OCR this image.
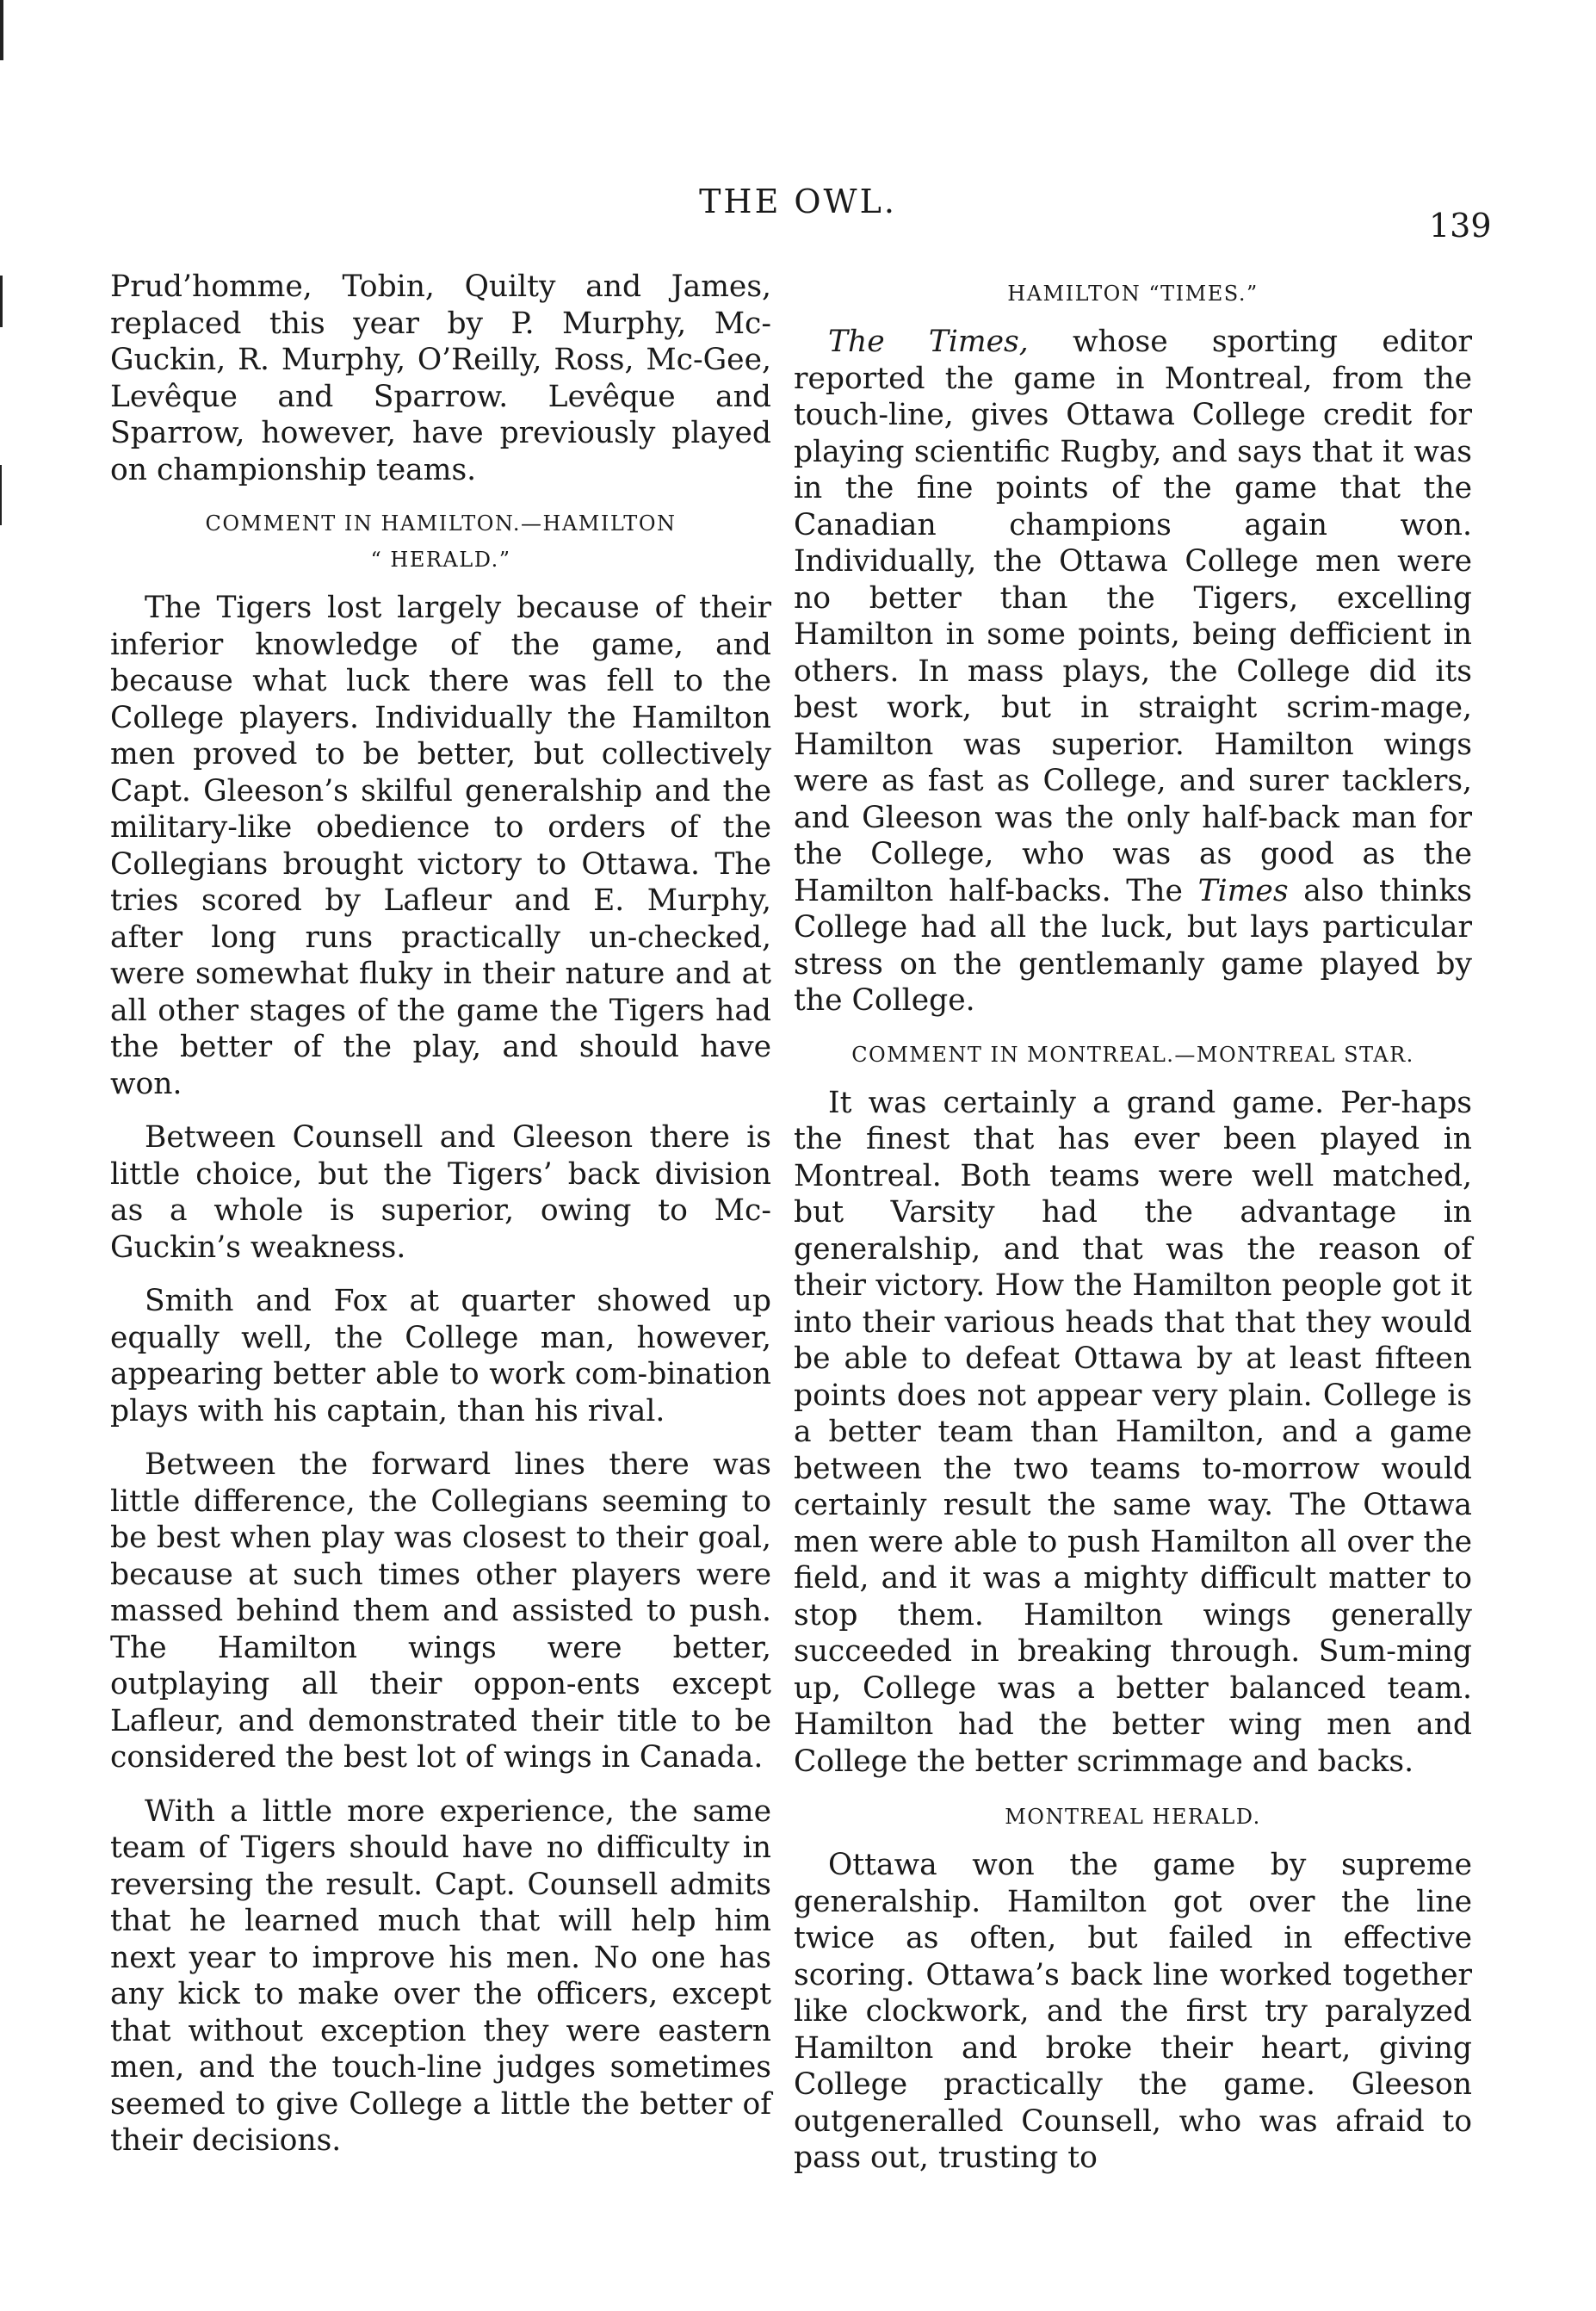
THE OWL.
139

Prud’homme, Tobin, Quilty and James, replaced this year by P. Murphy, Mc-Guckin, R. Murphy, O’Reilly, Ross, Mc-Gee, Levêque and Sparrow. Levêque and Sparrow, however, have previously played on championship teams.

COMMENT IN HAMILTON.—HAMILTON
“ HERALD.”

The Tigers lost largely because of their inferior knowledge of the game, and because what luck there was fell to the College players. Individually the Hamilton men proved to be better, but collectively Capt. Gleeson’s skilful generalship and the military-like obedience to orders of the Collegians brought victory to Ottawa. The tries scored by Lafleur and E. Murphy, after long runs practically un-checked, were somewhat fluky in their nature and at all other stages of the game the Tigers had the better of the play, and should have won.

Between Counsell and Gleeson there is little choice, but the Tigers’ back division as a whole is superior, owing to Mc-Guckin’s weakness.

Smith and Fox at quarter showed up equally well, the College man, however, appearing better able to work com-bination plays with his captain, than his rival.

Between the forward lines there was little difference, the Collegians seeming to be best when play was closest to their goal, because at such times other players were massed behind them and assisted to push. The Hamilton wings were better, outplaying all their oppon-ents except Lafleur, and demonstrated their title to be considered the best lot of wings in Canada.

With a little more experience, the same team of Tigers should have no difficulty in reversing the result. Capt. Counsell admits that he learned much that will help him next year to improve his men. No one has any kick to make over the officers, except that without exception they were eastern men, and the touch-line judges sometimes seemed to give College a little the better of their decisions.

HAMILTON “TIMES.”

The Times, whose sporting editor reported the game in Montreal, from the touch-line, gives Ottawa College credit for playing scientific Rugby, and says that it was in the fine points of the game that the Canadian champions again won. Individually, the Ottawa College men were no better than the Tigers, excelling Hamilton in some points, being defficient in others. In mass plays, the College did its best work, but in straight scrim-mage, Hamilton was superior. Hamilton wings were as fast as College, and surer tacklers, and Gleeson was the only half-back man for the College, who was as good as the Hamilton half-backs. The Times also thinks College had all the luck, but lays particular stress on the gentlemanly game played by the College.

COMMENT IN MONTREAL.—MONTREAL STAR.

It was certainly a grand game. Per-haps the finest that has ever been played in Montreal. Both teams were well matched, but Varsity had the advantage in generalship, and that was the reason of their victory. How the Hamilton people got it into their various heads that that they would be able to defeat Ottawa by at least fifteen points does not appear very plain. College is a better team than Hamilton, and a game between the two teams to-morrow would certainly result the same way. The Ottawa men were able to push Hamilton all over the field, and it was a mighty difficult matter to stop them. Hamilton wings generally succeeded in breaking through. Sum-ming up, College was a better balanced team. Hamilton had the better wing men and College the better scrimmage and backs.

MONTREAL HERALD.

Ottawa won the game by supreme generalship. Hamilton got over the line twice as often, but failed in effective scoring. Ottawa’s back line worked together like clockwork, and the first try paralyzed Hamilton and broke their heart, giving College practically the game. Gleeson outgeneralled Counsell, who was afraid to pass out, trusting to
